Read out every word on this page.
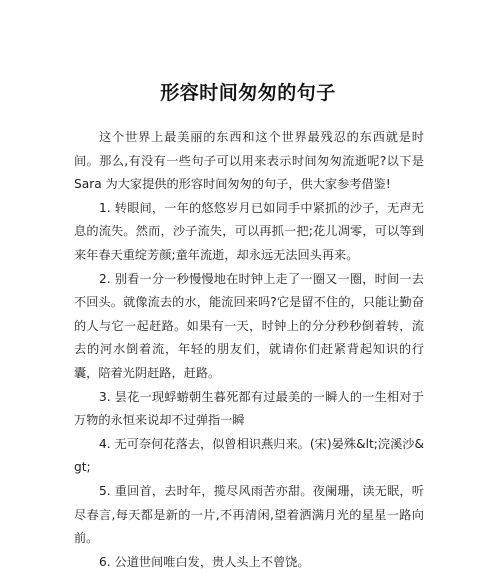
形容时间匆匆的句子

这个世界上最美丽的东西和这个世界最残忍的东西就是时间。那么,有没有一些句子可以用来表示时间匆匆流逝呢?以下是 Sara 为大家提供的形容时间匆匆的句子，供大家参考借鉴!

1. 转眼间，一年的悠悠岁月已如同手中紧抓的沙子，无声无息的流失。然而，沙子流失，可以再抓一把;花儿凋零，可以等到来年春天重绽芳颜;童年流逝，却永远无法回头再来。

2. 别看一分一秒慢慢地在时钟上走了一圈又一圈，时间一去不回头。就像流去的水，能流回来吗?它是留不住的，只能让勤奋的人与它一起赶路。如果有一天，时钟上的分分秒秒倒着转，流去的河水倒着流，年轻的朋友们，就请你们赶紧背起知识的行囊，陪着光阴赶路，赶路。

3. 昙花一现蜉蝣朝生暮死都有过最美的一瞬人的一生相对于万物的永恒来说却不过弹指一瞬

4. 无可奈何花落去，似曾相识燕归来。(宋)晏殊&lt;浣溪沙&gt;

5. 重回首，去时年，揽尽风雨苦亦甜。夜阑珊，读无眠，听尽春言,每天都是新的一片,不再清闲,望着洒满月光的星星一路向前。

6. 公道世间唯白发，贵人头上不曾饶。
